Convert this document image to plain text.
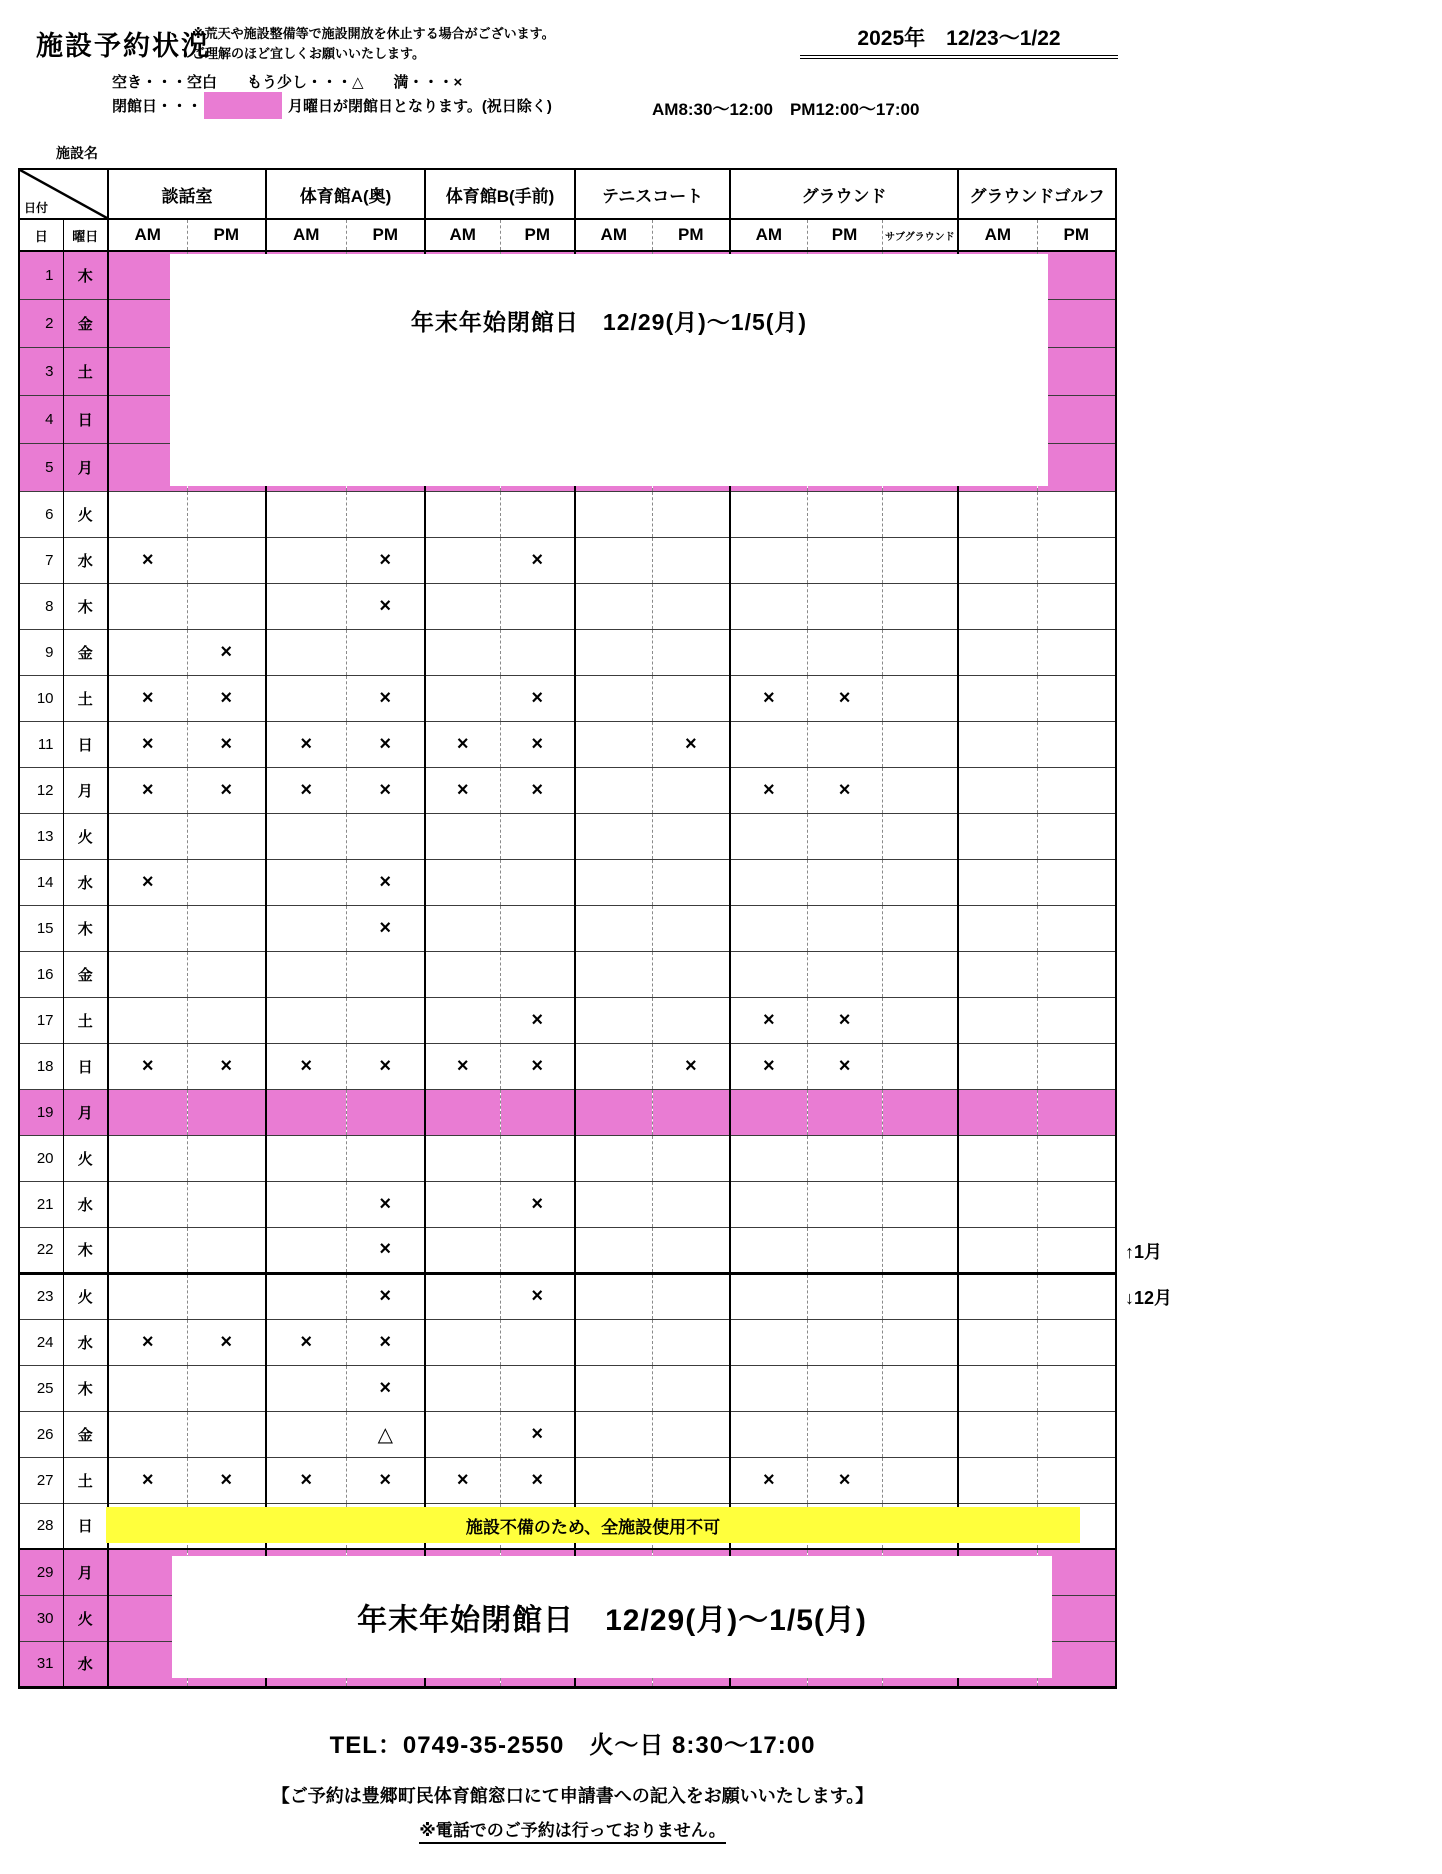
施設予約状況
※荒天や施設整備等で施設開放を休止する場合がございます。
ご理解のほど宜しくお願いいたします。
2025年　12/23～1/22
空き・・・空白　　もう少し・・・△　　満・・・×
閉館日・・・	月曜日が閉館日となります。(祝日除く)	AM8:30～12:00　PM12:00～17:00
施設名
日付		談話室		体育館A(奥)		体育館B(手前)		テニスコート		グラウンド			グラウンドゴルフ	
日	曜日	AM	PM	AM	PM	AM	PM	AM	PM	AM	PM	サブグラウンド	AM	PM
1	木													
2	金													
3	土													
4	日													
5	月													
6	火													
7	水	×			×		×							
8	木				×									
9	金		×											
10	土	×	×		×		×			×	×			
11	日	×	×	×	×	×	×		×					
12	月	×	×	×	×	×	×			×	×			
13	火													
14	水	×			×									
15	木				×									
16	金													
17	土						×			×	×			
18	日	×	×	×	×	×	×		×	×	×			
19	月													
20	火													
21	水				×		×							
22	木				×									
23	火				×		×							
24	水	×	×	×	×									
25	木				×									
26	金				△		×							
27	土	×	×	×	×	×	×			×	×			
28	日													
29	月													
30	火													
31	水													
年末年始閉館日　12/29(月)～1/5(月)
施設不備のため、全施設使用不可
年末年始閉館日　12/29(月)～1/5(月)
↑1月
↓12月
TEL：0749-35-2550　火～日 8:30～17:00
【ご予約は豊郷町民体育館窓口にて申請書への記入をお願いいたします。】
※電話でのご予約は行っておりません。
